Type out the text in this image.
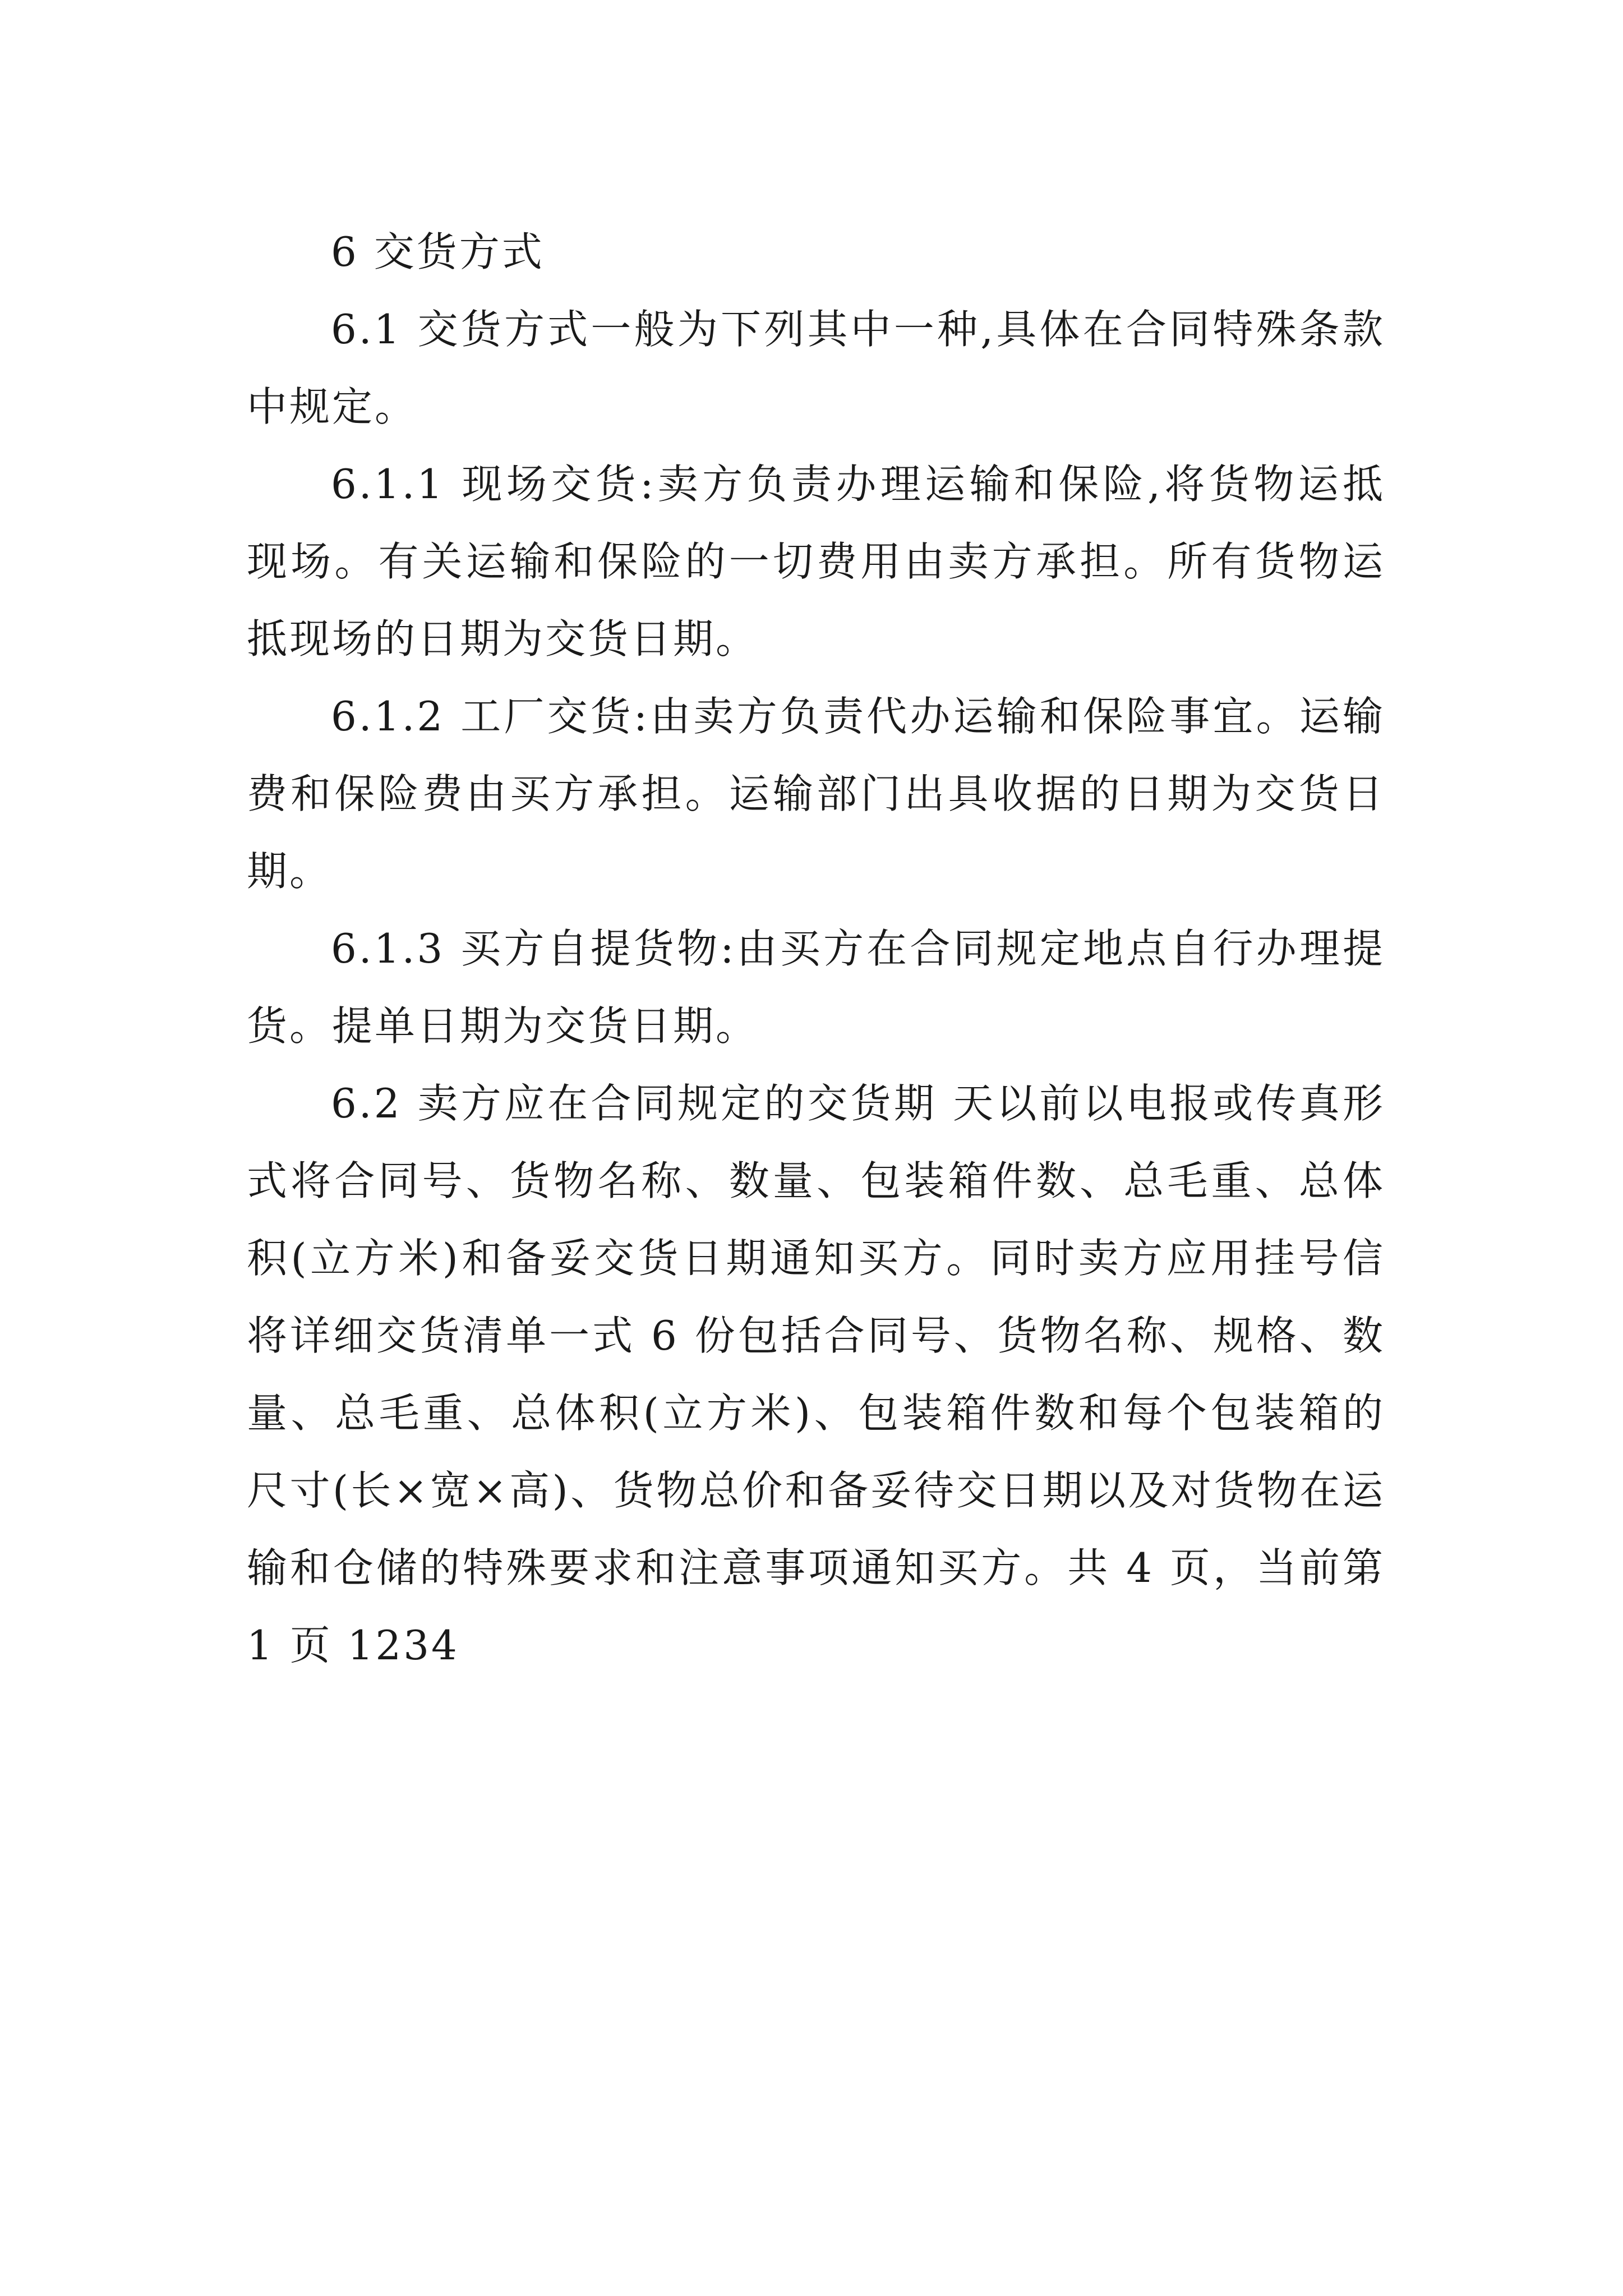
6 交货方式

6.1 交货方式一般为下列其中一种,具体在合同特殊条款中规定。

6.1.1 现场交货:卖方负责办理运输和保险,将货物运抵现场。有关运输和保险的一切费用由卖方承担。所有货物运抵现场的日期为交货日期。

6.1.2 工厂交货:由卖方负责代办运输和保险事宜。运输费和保险费由买方承担。运输部门出具收据的日期为交货日期。

6.1.3 买方自提货物:由买方在合同规定地点自行办理提货。提单日期为交货日期。

6.2 卖方应在合同规定的交货期 天以前以电报或传真形式将合同号、货物名称、数量、包装箱件数、总毛重、总体积(立方米)和备妥交货日期通知买方。同时卖方应用挂号信将详细交货清单一式 6 份包括合同号、货物名称、规格、数量、总毛重、总体积(立方米)、包装箱件数和每个包装箱的尺寸(长×宽×高)、货物总价和备妥待交日期以及对货物在运输和仓储的特殊要求和注意事项通知买方。共 4 页，当前第 1 页 1234
